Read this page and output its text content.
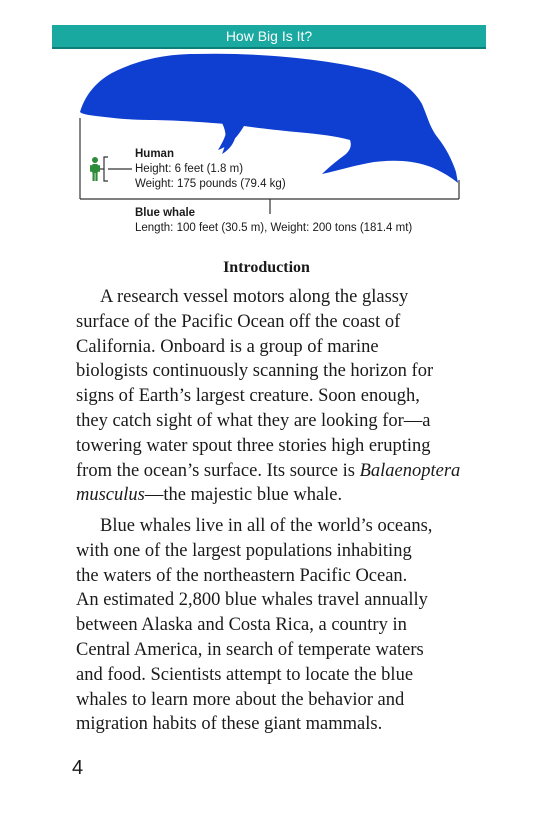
How Big Is It?
Human
Height: 6 feet (1.8 m)
Weight: 175 pounds (79.4 kg)
Blue whale
Length: 100 feet (30.5 m), Weight: 200 tons (181.4 mt)
Introduction
A research vessel motors along the glassy
surface of the Pacific Ocean off the coast of
California. Onboard is a group of marine
biologists continuously scanning the horizon for
signs of Earth’s largest creature. Soon enough,
they catch sight of what they are looking for—a
towering water spout three stories high erupting
from the ocean’s surface. Its source is Balaenoptera
musculus—the majestic blue whale.
Blue whales live in all of the world’s oceans,
with one of the largest populations inhabiting
the waters of the northeastern Pacific Ocean.
An estimated 2,800 blue whales travel annually
between Alaska and Costa Rica, a country in
Central America, in search of temperate waters
and food. Scientists attempt to locate the blue
whales to learn more about the behavior and
migration habits of these giant mammals.
4
